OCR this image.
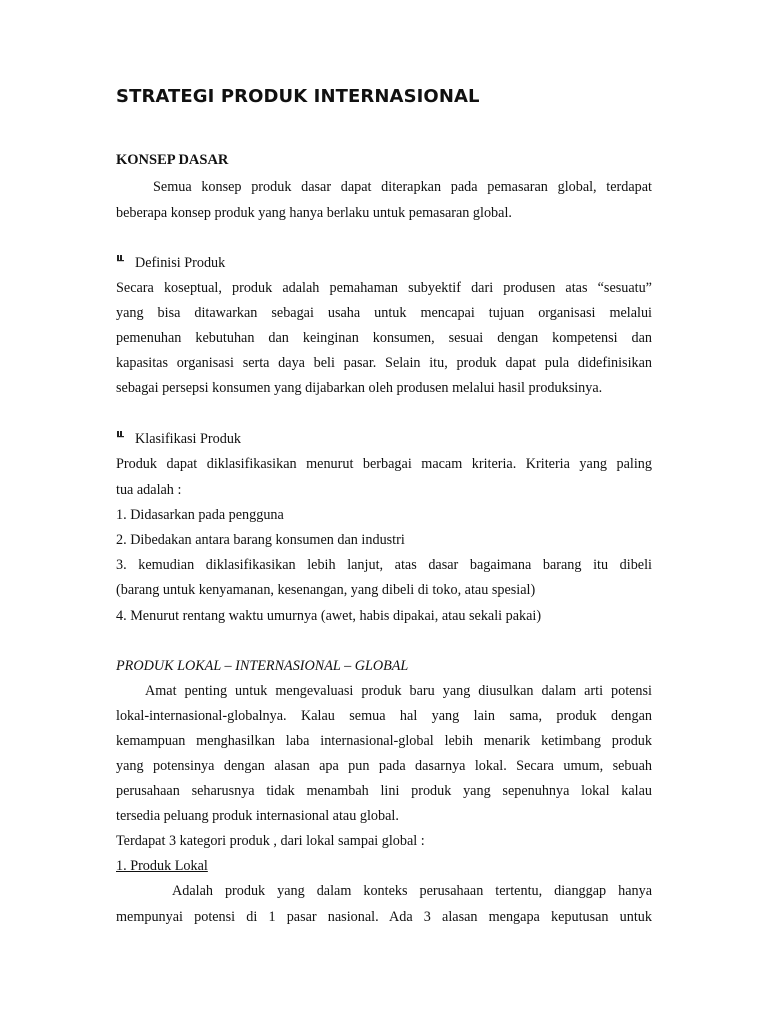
STRATEGI PRODUK INTERNASIONAL
KONSEP DASAR
Semua konsep produk dasar dapat diterapkan pada pemasaran global, terdapat
beberapa konsep produk yang hanya berlaku untuk pemasaran global.
Definisi Produk
Secara koseptual, produk adalah pemahaman subyektif dari produsen atas “sesuatu”
yang bisa ditawarkan sebagai usaha untuk mencapai tujuan organisasi melalui
pemenuhan kebutuhan dan keinginan konsumen, sesuai dengan kompetensi dan
kapasitas organisasi serta daya beli pasar. Selain itu, produk dapat pula didefinisikan
sebagai persepsi konsumen yang dijabarkan oleh produsen melalui hasil produksinya.
Klasifikasi Produk
Produk dapat diklasifikasikan menurut berbagai macam kriteria. Kriteria yang paling
tua adalah :
1. Didasarkan pada pengguna
2. Dibedakan antara barang konsumen dan industri
3. kemudian diklasifikasikan lebih lanjut, atas dasar bagaimana barang itu dibeli
(barang untuk kenyamanan, kesenangan, yang dibeli di toko, atau spesial)
4. Menurut rentang waktu umurnya (awet, habis dipakai, atau sekali pakai)
PRODUK LOKAL – INTERNASIONAL – GLOBAL
Amat penting untuk mengevaluasi produk baru yang diusulkan dalam arti potensi
lokal-internasional-globalnya. Kalau semua hal yang lain sama, produk dengan
kemampuan menghasilkan laba internasional-global lebih menarik ketimbang produk
yang potensinya dengan alasan apa pun pada dasarnya lokal. Secara umum, sebuah
perusahaan seharusnya tidak menambah lini produk yang sepenuhnya lokal kalau
tersedia peluang produk internasional atau global.
Terdapat 3 kategori produk , dari lokal sampai global :
1. Produk Lokal
Adalah produk yang dalam konteks perusahaan tertentu, dianggap hanya
mempunyai potensi di 1 pasar nasional. Ada 3 alasan mengapa keputusan untuk
